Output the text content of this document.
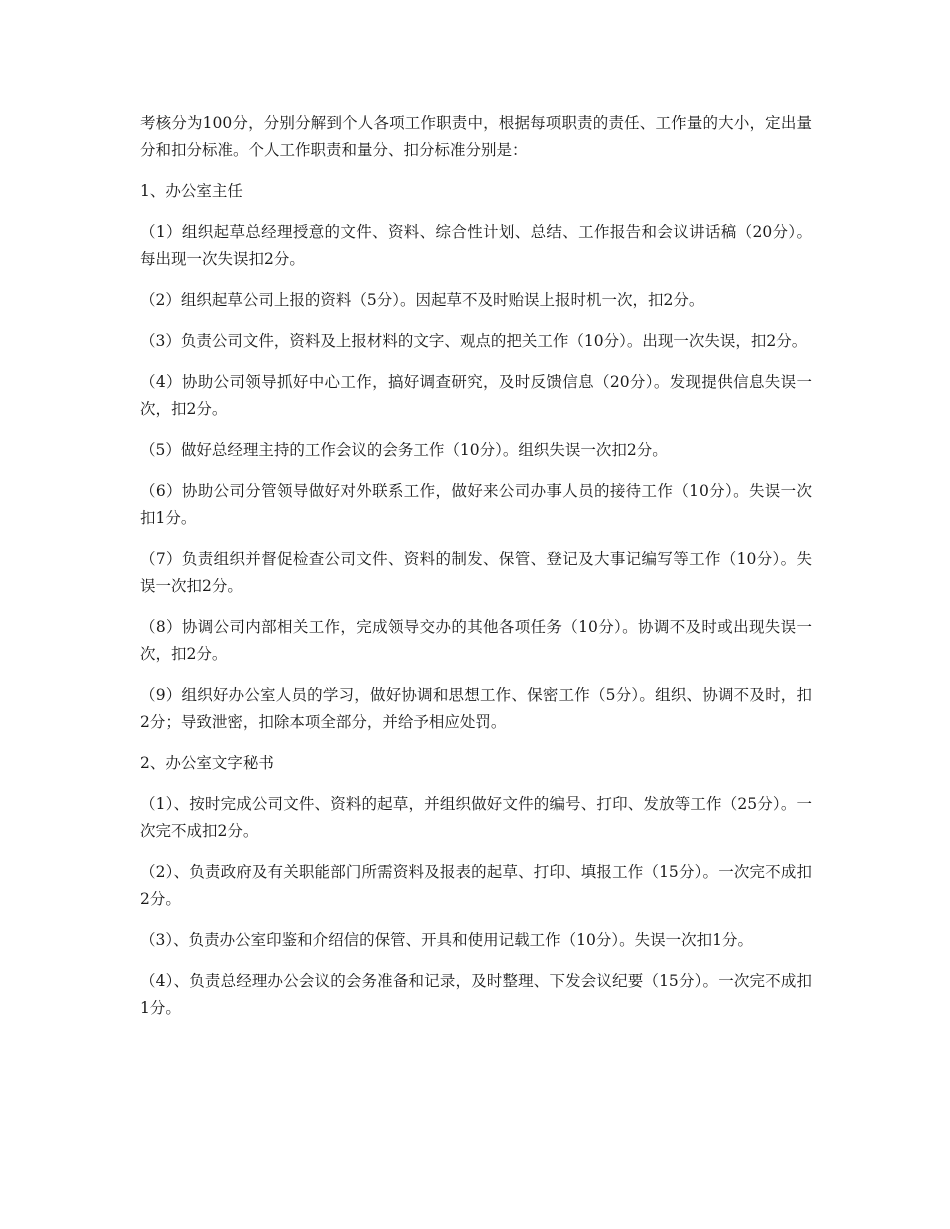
考核分为100分，分别分解到个人各项工作职责中，根据每项职责的责任、工作量的大小，定出量分和扣分标准。个人工作职责和量分、扣分标准分别是：

1、办公室主任

（1）组织起草总经理授意的文件、资料、综合性计划、总结、工作报告和会议讲话稿（20分）。每出现一次失误扣2分。

（2）组织起草公司上报的资料（5分）。因起草不及时贻误上报时机一次，扣2分。

（3）负责公司文件，资料及上报材料的文字、观点的把关工作（10分）。出现一次失误，扣2分。

（4）协助公司领导抓好中心工作，搞好调查研究，及时反馈信息（20分）。发现提供信息失误一次，扣2分。

（5）做好总经理主持的工作会议的会务工作（10分）。组织失误一次扣2分。

（6）协助公司分管领导做好对外联系工作，做好来公司办事人员的接待工作（10分）。失误一次扣1分。

（7）负责组织并督促检查公司文件、资料的制发、保管、登记及大事记编写等工作（10分）。失误一次扣2分。

（8）协调公司内部相关工作，完成领导交办的其他各项任务（10分）。协调不及时或出现失误一次，扣2分。

（9）组织好办公室人员的学习，做好协调和思想工作、保密工作（5分）。组织、协调不及时，扣2分；导致泄密，扣除本项全部分，并给予相应处罚。

2、办公室文字秘书

（1）、按时完成公司文件、资料的起草，并组织做好文件的编号、打印、发放等工作（25分）。一次完不成扣2分。

（2）、负责政府及有关职能部门所需资料及报表的起草、打印、填报工作（15分）。一次完不成扣2分。

（3）、负责办公室印鉴和介绍信的保管、开具和使用记载工作（10分）。失误一次扣1分。

（4）、负责总经理办公会议的会务准备和记录，及时整理、下发会议纪要（15分）。一次完不成扣1分。
